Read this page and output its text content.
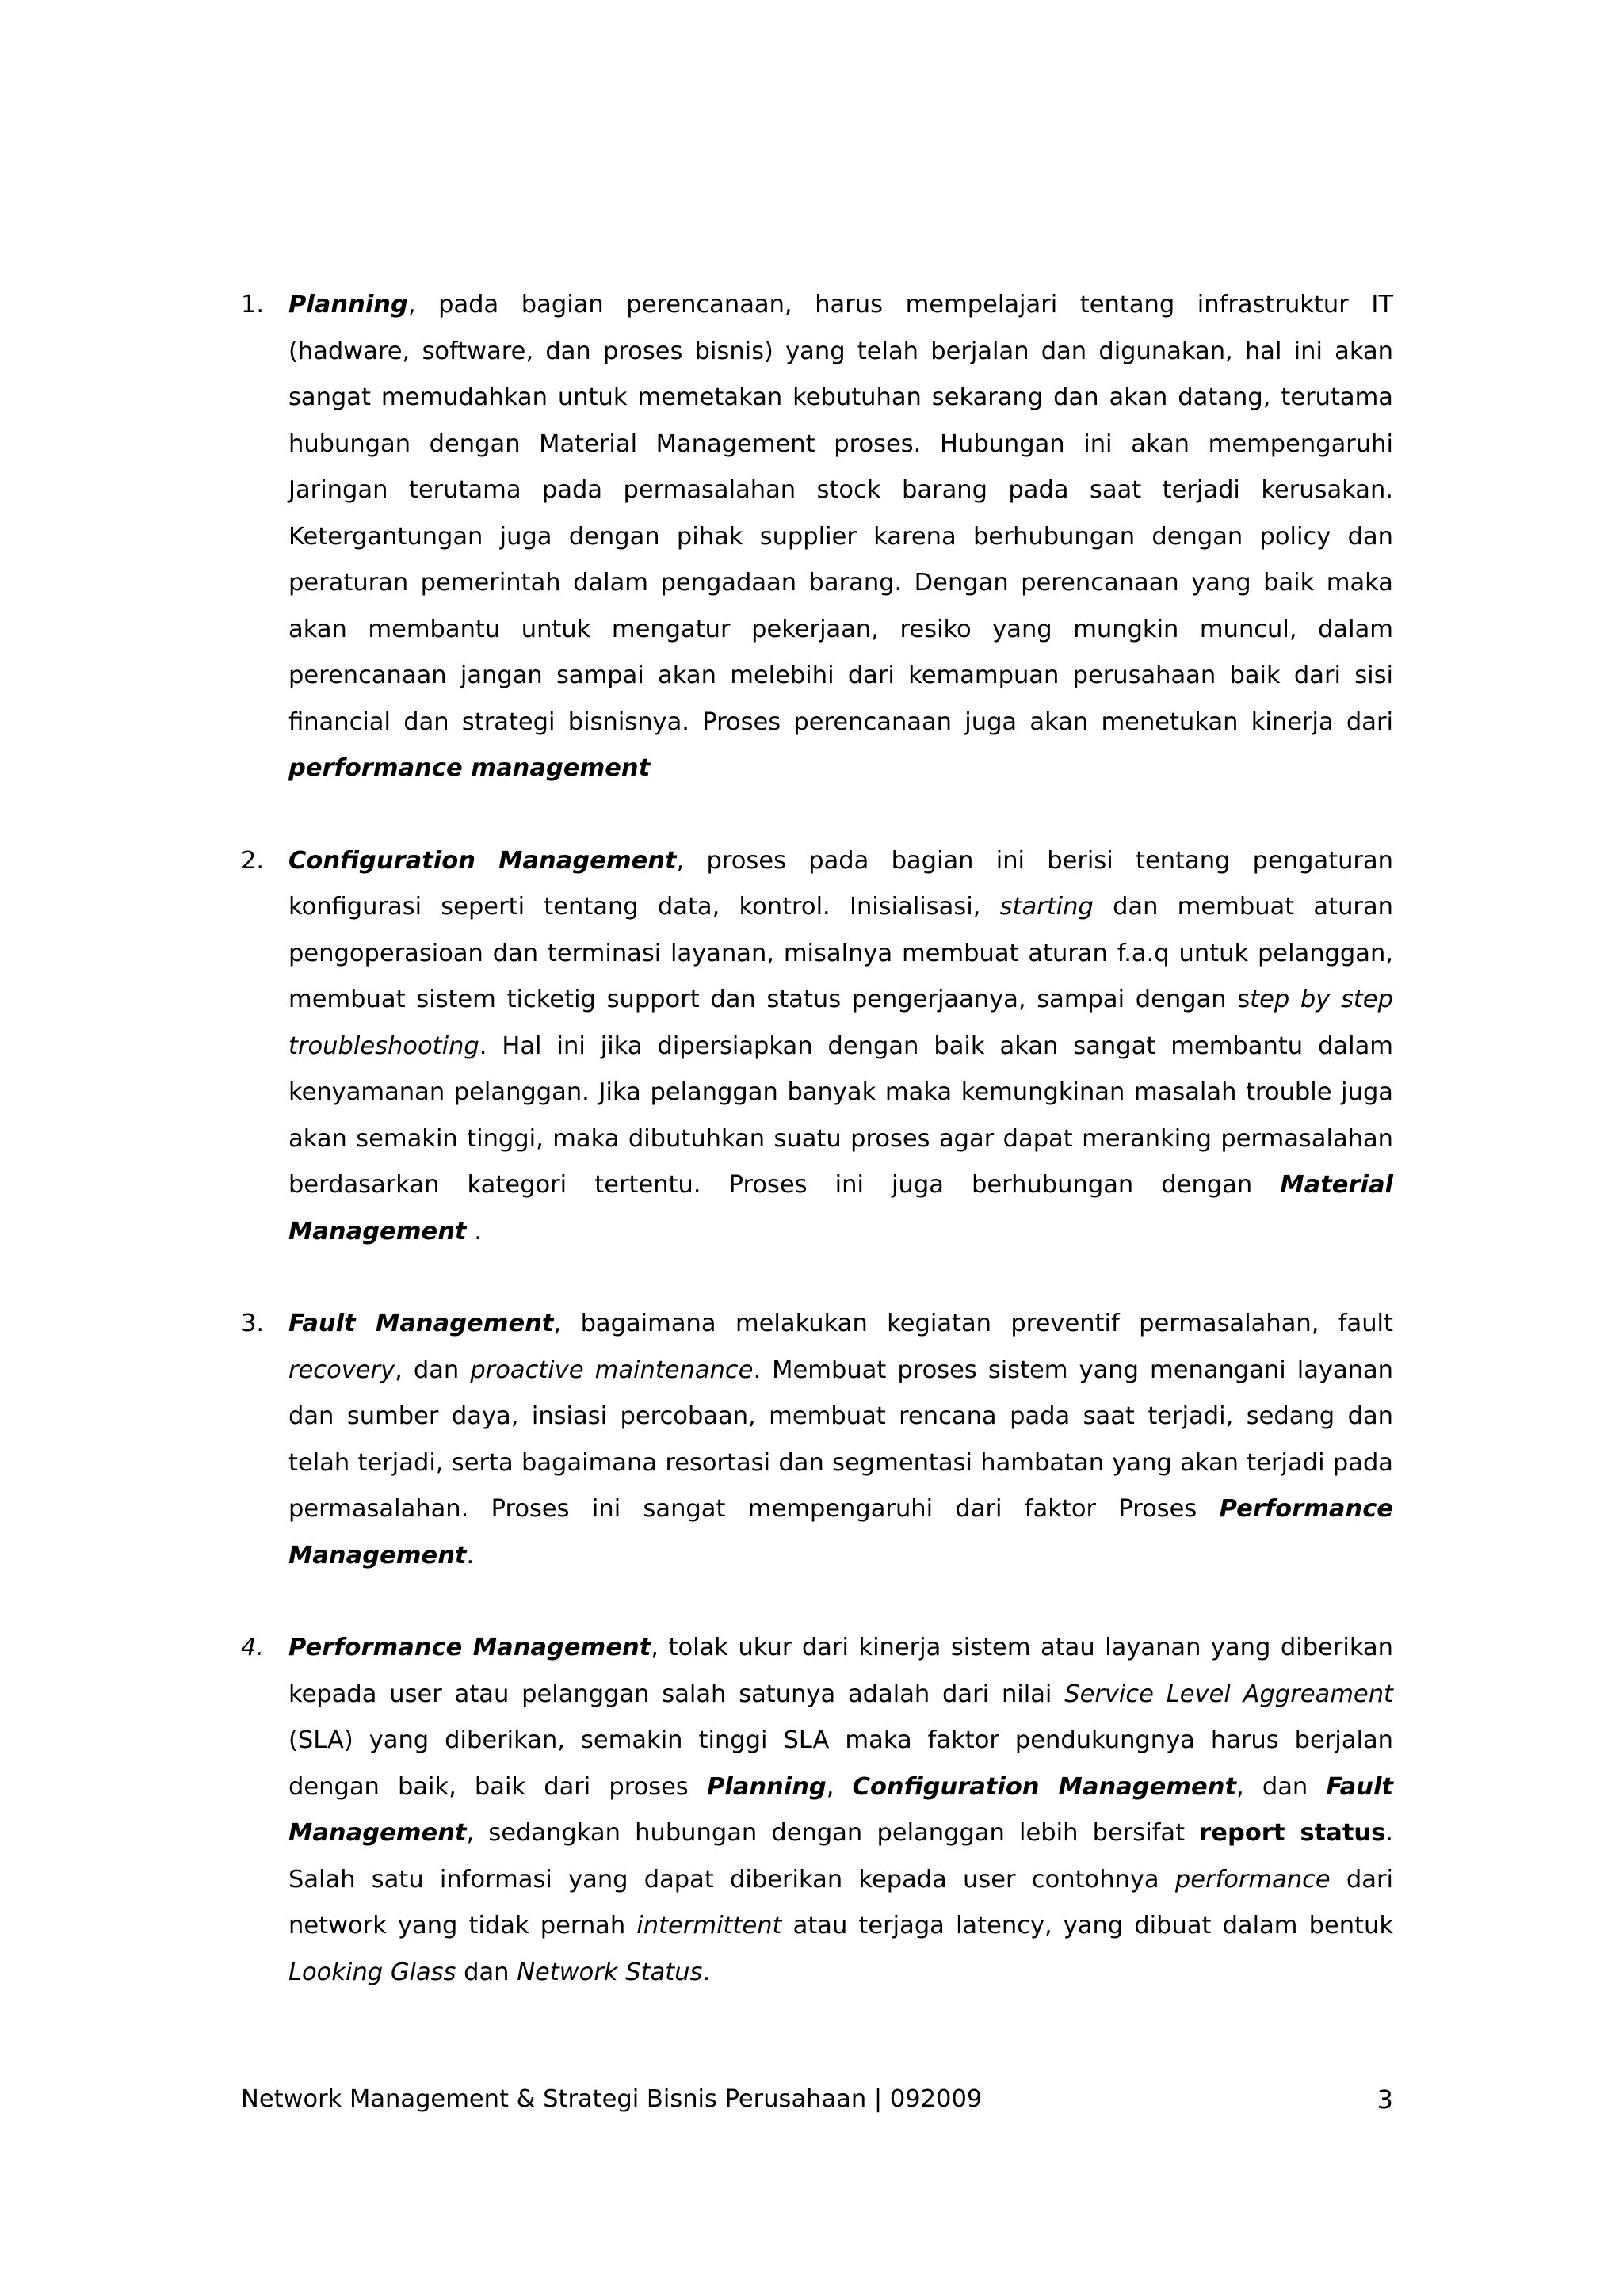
1. Planning, pada bagian perencanaan, harus mempelajari tentang infrastruktur IT (hadware, software, dan proses bisnis) yang telah berjalan dan digunakan, hal ini akan sangat memudahkan untuk memetakan kebutuhan sekarang dan akan datang, terutama hubungan dengan Material Management proses. Hubungan ini akan mempengaruhi Jaringan terutama pada permasalahan stock barang pada saat terjadi kerusakan. Ketergantungan juga dengan pihak supplier karena berhubungan dengan policy dan peraturan pemerintah dalam pengadaan barang. Dengan perencanaan yang baik maka akan membantu untuk mengatur pekerjaan, resiko yang mungkin muncul, dalam perencanaan jangan sampai akan melebihi dari kemampuan perusahaan baik dari sisi financial dan strategi bisnisnya. Proses perencanaan juga akan menetukan kinerja dari performance management
2. Configuration Management, proses pada bagian ini berisi tentang pengaturan konfigurasi seperti tentang data, kontrol. Inisialisasi, starting dan membuat aturan pengoperasioan dan terminasi layanan, misalnya membuat aturan f.a.q untuk pelanggan, membuat sistem ticketig support dan status pengerjaanya, sampai dengan step by step troubleshooting. Hal ini jika dipersiapkan dengan baik akan sangat membantu dalam kenyamanan pelanggan. Jika pelanggan banyak maka kemungkinan masalah trouble juga akan semakin tinggi, maka dibutuhkan suatu proses agar dapat meranking permasalahan berdasarkan kategori tertentu. Proses ini juga berhubungan dengan Material Management .
3. Fault Management, bagaimana melakukan kegiatan preventif permasalahan, fault recovery, dan proactive maintenance. Membuat proses sistem yang menangani layanan dan sumber daya, insiasi percobaan, membuat rencana pada saat terjadi, sedang dan telah terjadi, serta bagaimana resortasi dan segmentasi hambatan yang akan terjadi pada permasalahan. Proses ini sangat mempengaruhi dari faktor Proses Performance Management.
4. Performance Management, tolak ukur dari kinerja sistem atau layanan yang diberikan kepada user atau pelanggan salah satunya adalah dari nilai Service Level Aggreament (SLA) yang diberikan, semakin tinggi SLA maka faktor pendukungnya harus berjalan dengan baik, baik dari proses Planning, Configuration Management, dan Fault Management, sedangkan hubungan dengan pelanggan lebih bersifat report status. Salah satu informasi yang dapat diberikan kepada user contohnya performance dari network yang tidak pernah intermittent atau terjaga latency, yang dibuat dalam bentuk Looking Glass dan Network Status.
Network Management & Strategi Bisnis Perusahaan | 092009	3
